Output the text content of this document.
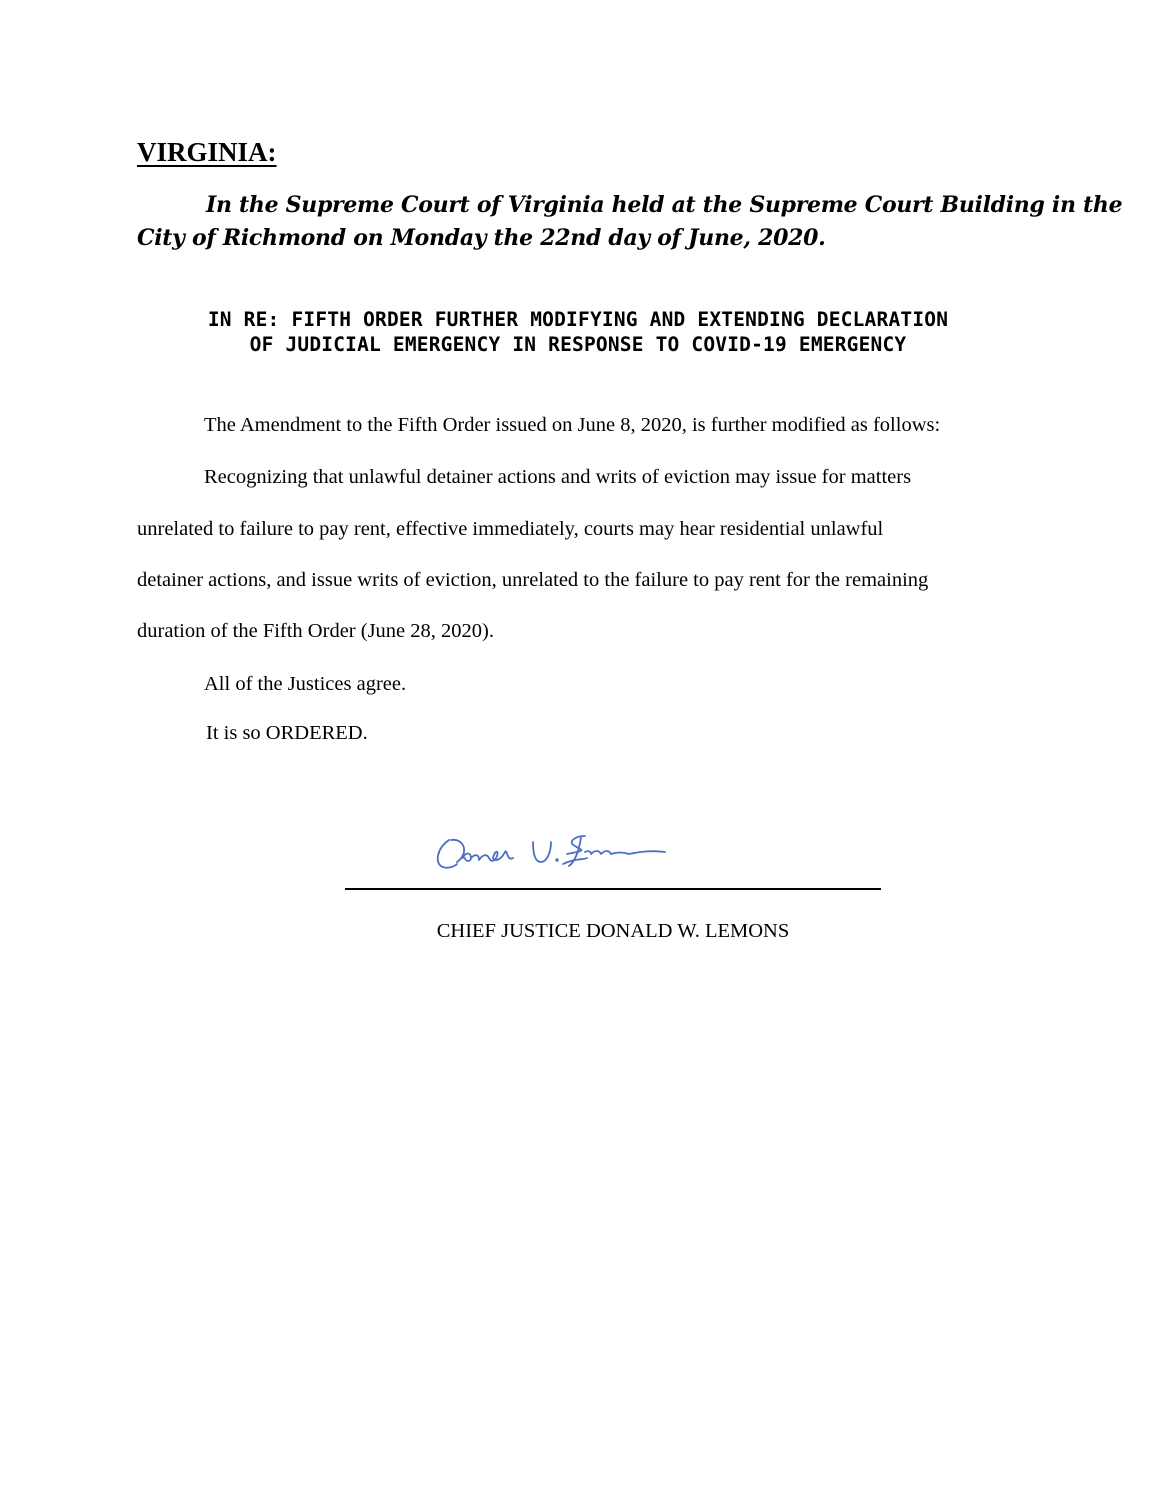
VIRGINIA:

In the Supreme Court of Virginia held at the Supreme Court Building in the

City of Richmond on Monday the 22nd day of June, 2020.

IN RE: FIFTH ORDER FURTHER MODIFYING AND EXTENDING DECLARATION

OF JUDICIAL EMERGENCY IN RESPONSE TO COVID-19 EMERGENCY

The Amendment to the Fifth Order issued on June 8, 2020, is further modified as follows:

Recognizing that unlawful detainer actions and writs of eviction may issue for matters

unrelated to failure to pay rent, effective immediately, courts may hear residential unlawful

detainer actions, and issue writs of eviction, unrelated to the failure to pay rent for the remaining

duration of the Fifth Order (June 28, 2020).

All of the Justices agree.

It is so ORDERED.

CHIEF JUSTICE DONALD W. LEMONS
